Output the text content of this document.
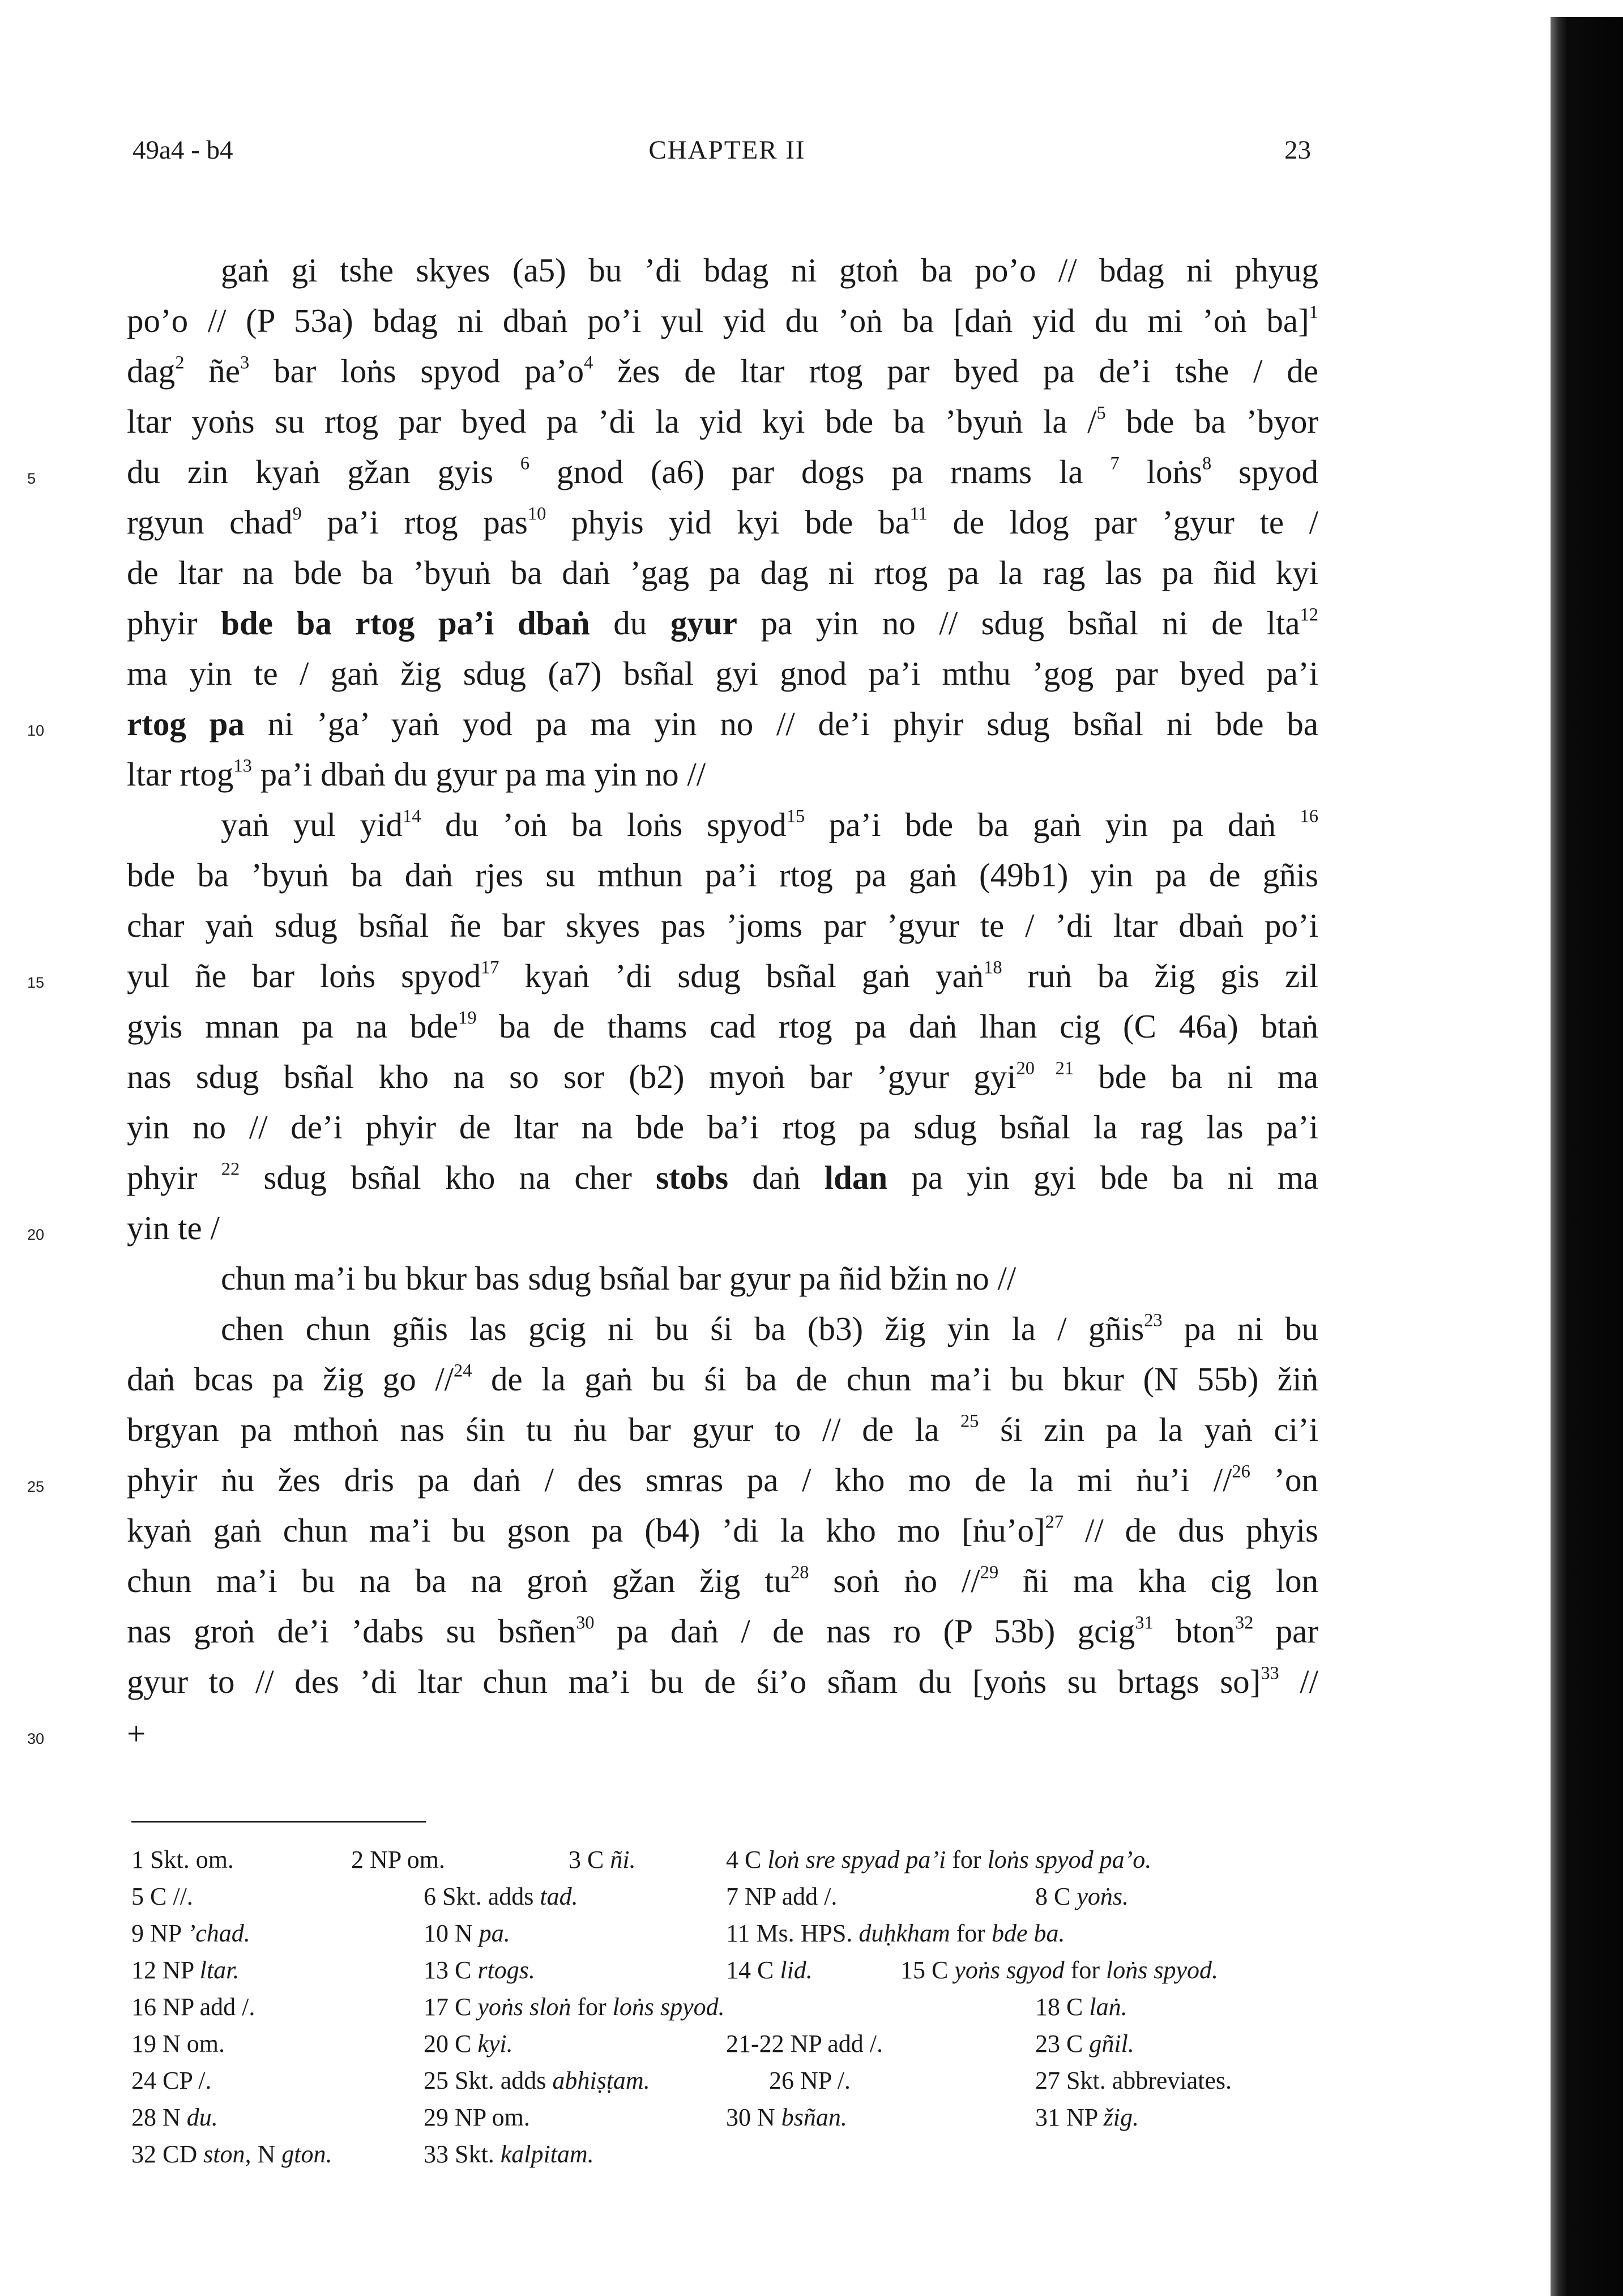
49a4 - b4	CHAPTER II	23
gaṅ gi tshe skyes (a5) bu ’di bdag ni gtoṅ ba po’o // bdag ni phyug
po’o // (P 53a) bdag ni dbaṅ po’i yul yid du ’oṅ ba [daṅ yid du mi ’oṅ ba]$^1$
dag$^2$ $ñe^3$ bar loṅs spyod $pa’o^4$ žes de ltar rtog par byed pa de’i tshe / de
ltar yoṅs su rtog par byed pa ’di la yid kyi bde ba ’byuṅ la /$^5$ bde ba ’byor
du zin kyaṅ gžan gyis $^6$ gnod (a6) par dogs pa rnams la $^7$ loṅs$^8$ spyod
rgyun chad$^9$ pa’i rtog pas$^{10}$ phyis yid kyi bde $ba^{11}$ de ldog par ’gyur te /
de ltar na bde ba ’byuṅ ba daṅ ’gag pa dag ni rtog pa la rag las pa ñid kyi
phyir bde ba rtog pa’i dbaṅ du gyur pa yin no // sdug bsñal ni de lta$^{12}$
ma yin te / gaṅ žig sdug (a7) bsñal gyi gnod pa’i mthu ’gog par byed pa’i
rtog pa ni ’ga’ yaṅ yod pa ma yin no // de’i phyir sdug bsñal ni bde ba
ltar rtog$^{13}$ pa’i dbaṅ du gyur pa ma yin no //
yaṅ yul yid$^{14}$ du ’oṅ ba loṅs spyod$^{15}$ pa’i bde ba gaṅ yin pa daṅ $^{16}$
bde ba ’byuṅ ba daṅ rjes su mthun pa’i rtog pa gaṅ (49b1) yin pa de gñis
char yaṅ sdug bsñal ñe bar skyes pas ’joms par ’gyur te / ’di ltar dbaṅ po’i
yul ñe bar loṅs spyod$^{17}$ kyaṅ ’di sdug bsñal gaṅ yaṅ$^{18}$ ruṅ ba žig gis zil
gyis mnan pa na bde$^{19}$ ba de thams cad rtog pa daṅ lhan cig (C 46a) btaṅ
nas sdug bsñal kho na so sor (b2) myoṅ bar ’gyur gyi$^{20 21}$ bde ba ni ma
yin no // de’i phyir de ltar na bde ba’i rtog pa sdug bsñal la rag las pa’i
phyir $^{22}$ sdug bsñal kho na cher stobs daṅ ldan pa yin gyi bde ba ni ma
yin te /
chun ma’i bu bkur bas sdug bsñal bar gyur pa ñid bžin no //
chen chun gñis las gcig ni bu śi ba (b3) žig yin la / gñis$^{23}$ pa ni bu
daṅ bcas pa žig go //$^{24}$ de la gaṅ bu śi ba de chun ma’i bu bkur (N 55b) žiṅ
brgyan pa mthoṅ nas śin tu ṅu bar gyur to // de la $^{25}$ śi zin pa la yaṅ ci’i
phyir ṅu žes dris pa daṅ / des smras pa / kho mo de la mi ṅu’i //$^{26}$ ’on
kyaṅ gaṅ chun ma’i bu gson pa (b4) ’di la kho mo [ṅu’o]$^{27}$ // de dus phyis
chun ma’i bu na ba na groṅ gžan žig $tu^{28}$ soṅ ṅo //$^{29}$ ñi ma kha cig lon
nas groṅ de’i ’dabs su bsñen$^{30}$ pa daṅ / de nas ro (P 53b) gcig$^{31}$ bton$^{32}$ par
gyur to // des ’di ltar chun ma’i bu de śi’o sñam du [yoṅs su brtags so]$^{33}$ //
+
5
10
15
20
25
30
1 Skt. om.	2 NP om.	3 C ñi.	4 C loṅ sre spyad pa’i for loṅs spyod pa’o.
5 C //.	6 Skt. adds tad.	7 NP add /.	8 C yoṅs.
9 NP ’chad.	10 N pa.	11 Ms. HPS. duḥkham for bde ba.
12 NP ltar.	13 C rtogs.	14 C lid.	15 C yoṅs sgyod for loṅs spyod.
16 NP add /.	17 C yoṅs sloṅ for loṅs spyod.	18 C laṅ.
19 N om.	20 C kyi.	21-22 NP add /.	23 C gñil.
24 CP /.	25 Skt. adds abhiṣṭam.	26 NP /.	27 Skt. abbreviates.
28 N du.	29 NP om.	30 N bsñan.	31 NP žig.
32 CD ston, N gton.	33 Skt. kalpitam.
